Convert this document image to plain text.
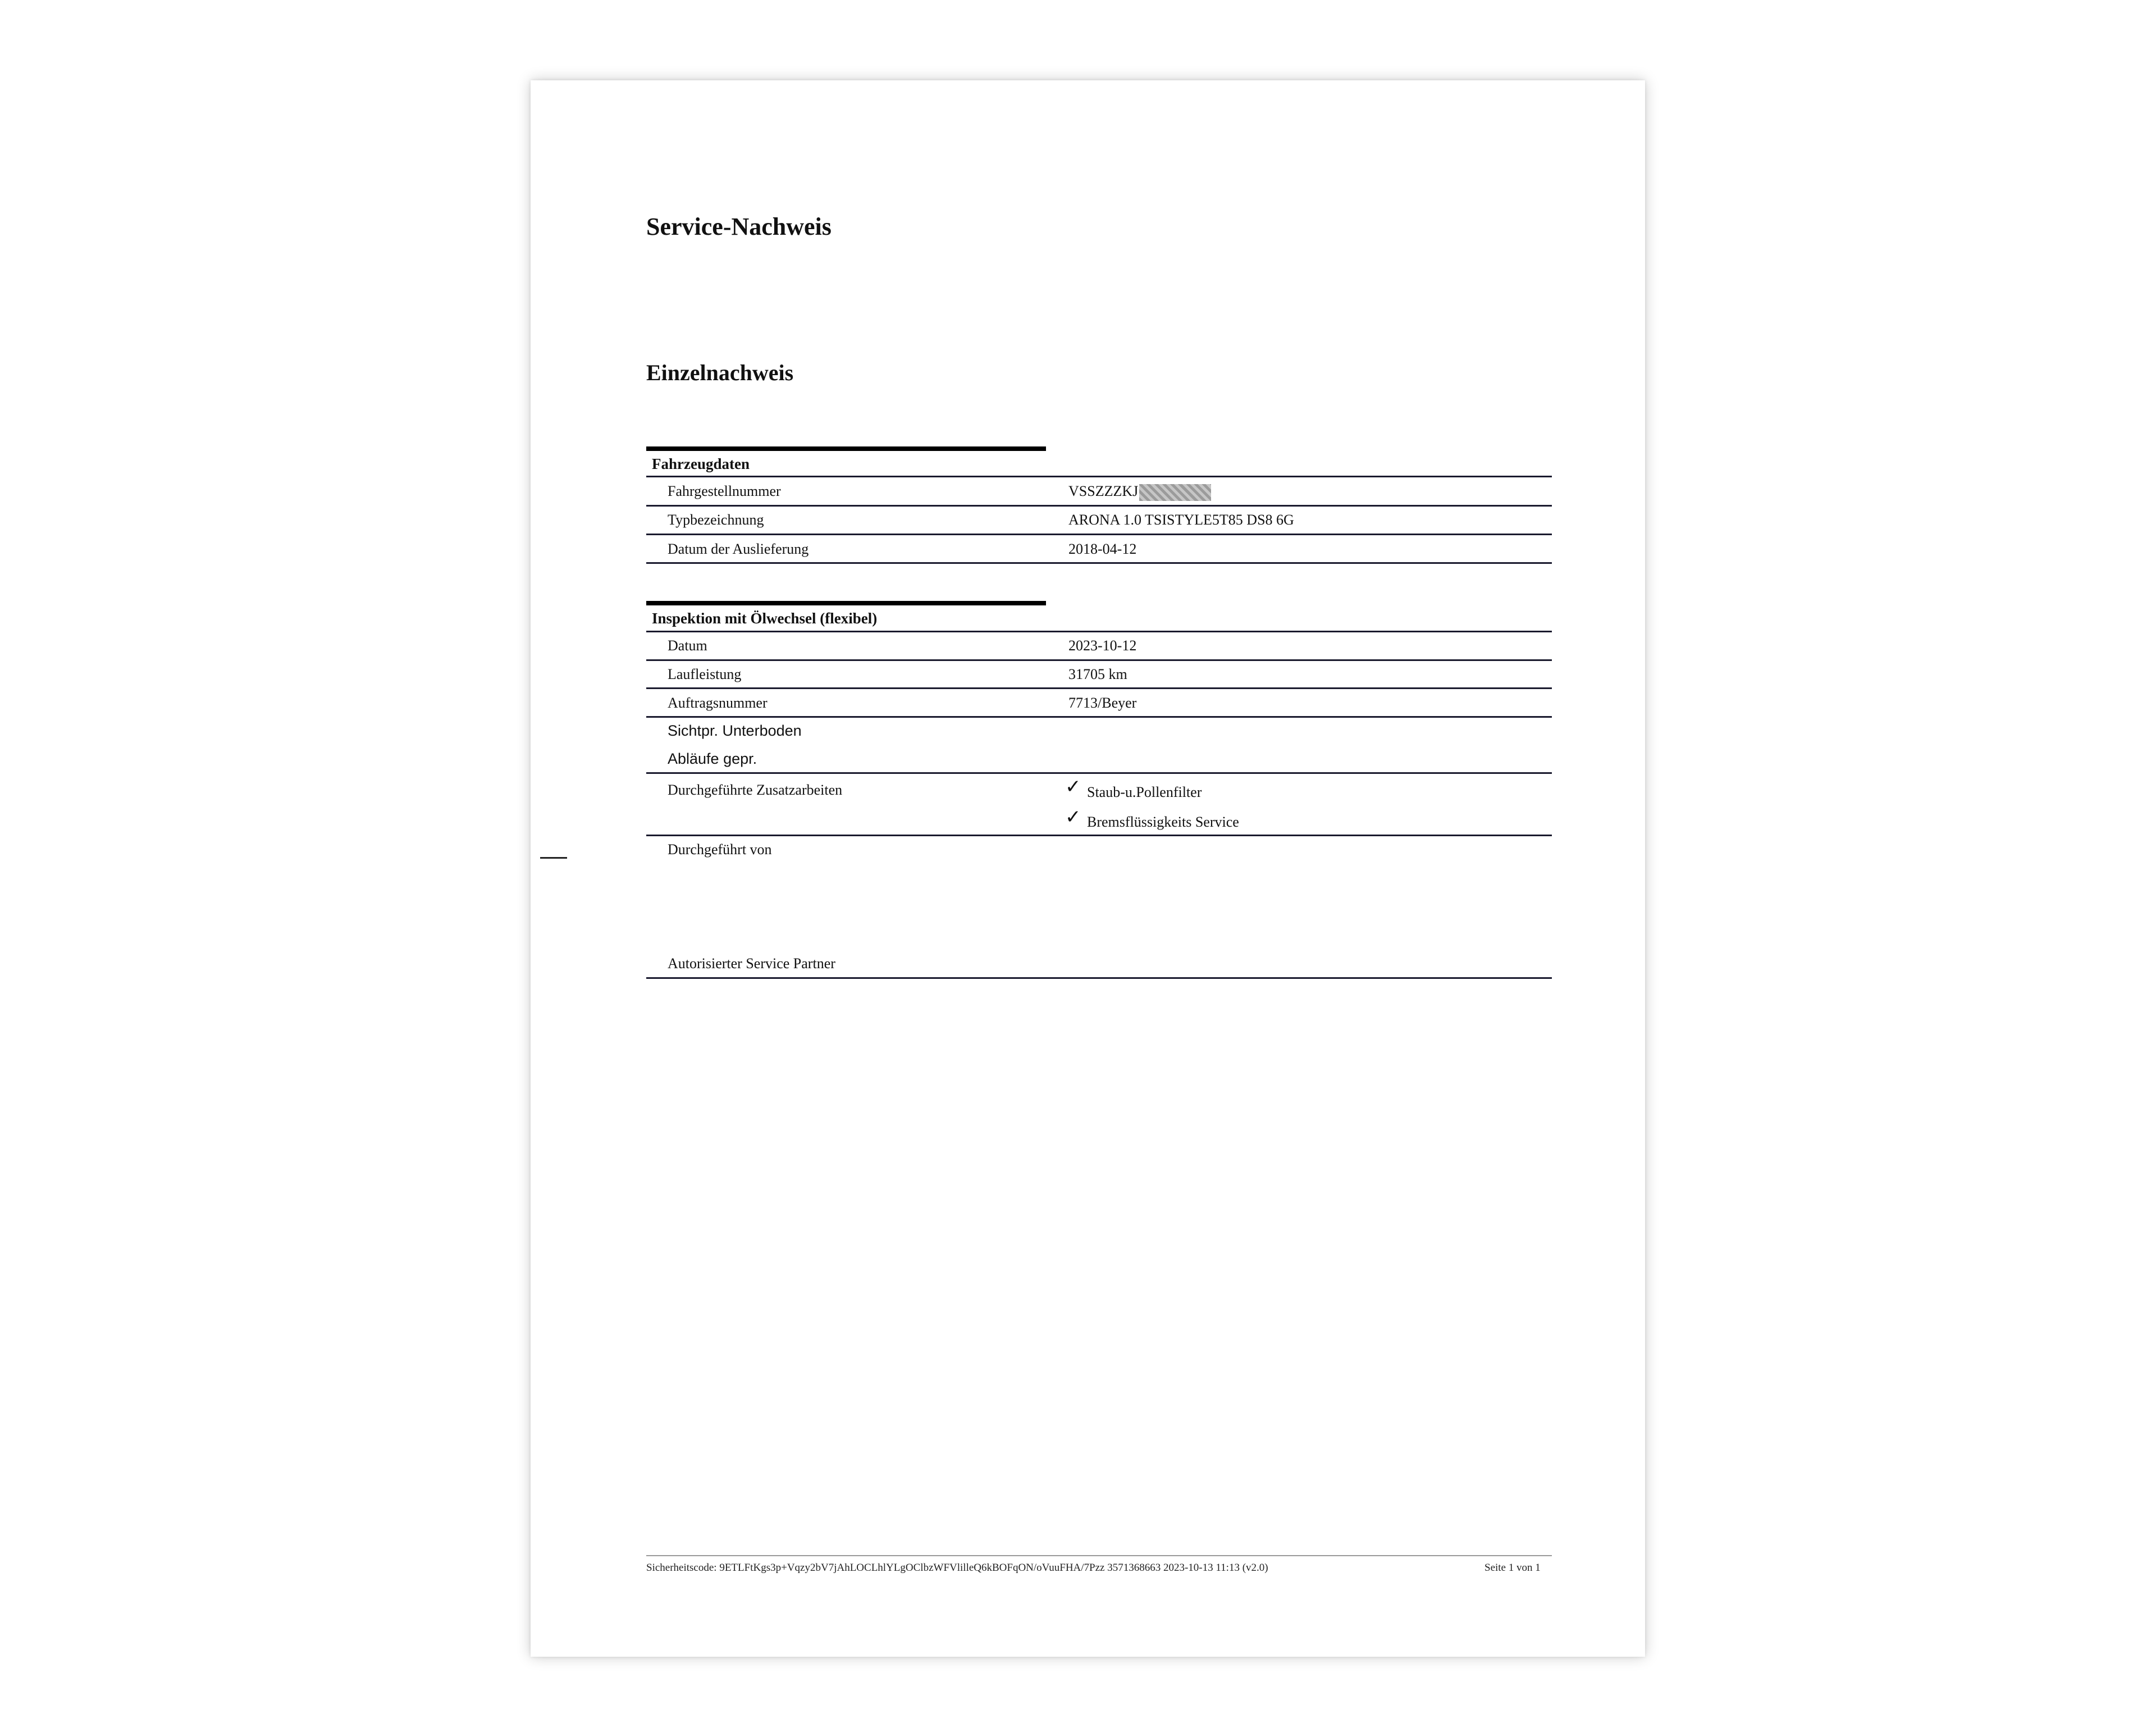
Service-Nachweis
Einzelnachweis
Fahrzeugdaten
Fahrgestellnummer	VSSZZZKJ
Typbezeichnung	ARONA 1.0 TSISTYLE5T85 DS8 6G
Datum der Auslieferung	2018-04-12
Inspektion mit Ölwechsel (flexibel)
Datum	2023-10-12
Laufleistung	31705 km
Auftragsnummer	7713/Beyer
Sichtpr. Unterboden
Abläufe gepr.
Durchgeführte Zusatzarbeiten	✓ Staub-u.Pollenfilter
✓ Bremsflüssigkeits Service
Durchgeführt von
Autorisierter Service Partner
Sicherheitscode: 9ETLFtKgs3p+Vqzy2bV7jAhLOCLhlYLgOClbzWFVlilleQ6kBOFqON/oVuuFHA/7Pzz 3571368663 2023-10-13 11:13 (v2.0)	Seite 1 von 1
